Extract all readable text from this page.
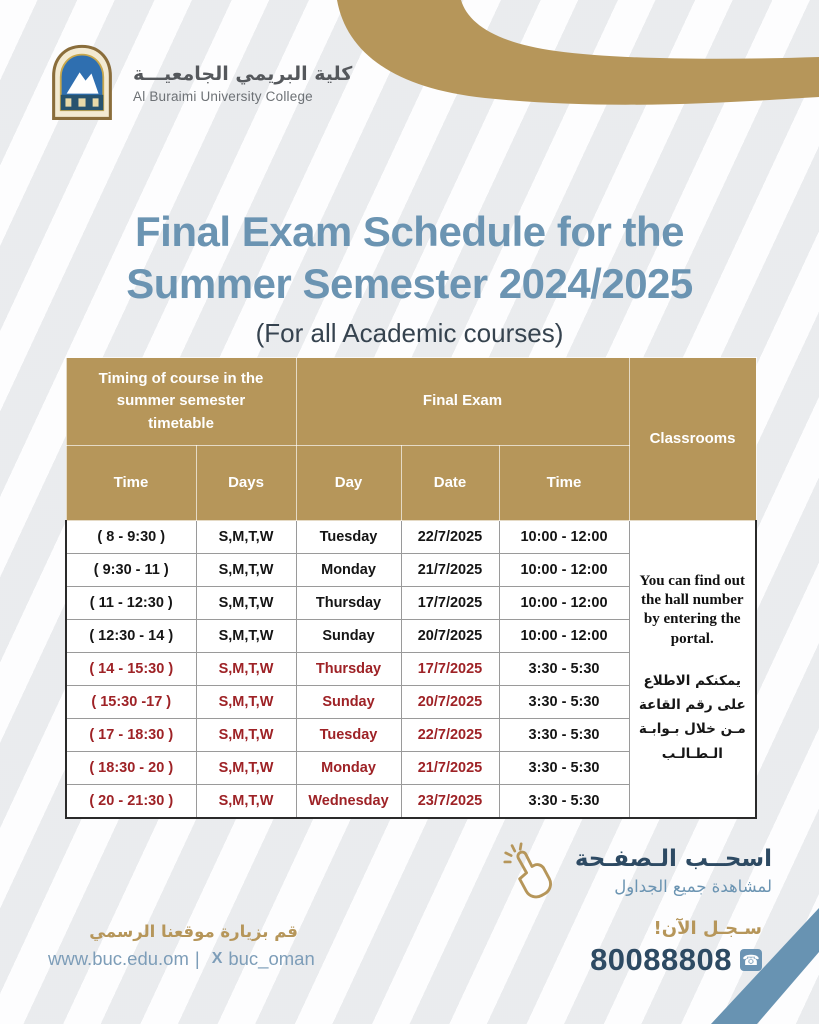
كلية البريمي الجامعيـــة
Al Buraimi University College
Final Exam Schedule for the
Summer Semester 2024/2025
(For all Academic courses)
Timing of course in the summer semester timetable		Final Exam			Classrooms
Time	Days	Day	Date	Time	
( 8 - 9:30 )	S,M,T,W	Tuesday	22/7/2025	10:00 - 12:00	You can find out the hall number by entering the portal.
يمكنكم الاطلاع على رقم القاعة مـن خلال بـوابـة الـطـالـب

( 9:30 - 11 )	S,M,T,W	Monday	21/7/2025	10:00 - 12:00	
( 11 - 12:30 )	S,M,T,W	Thursday	17/7/2025	10:00 - 12:00	
( 12:30 - 14 )	S,M,T,W	Sunday	20/7/2025	10:00 - 12:00	
( 14 - 15:30 )	S,M,T,W	Thursday	17/7/2025	3:30 - 5:30	
( 15:30 -17 )	S,M,T,W	Sunday	20/7/2025	3:30 - 5:30	
( 17 - 18:30 )	S,M,T,W	Tuesday	22/7/2025	3:30 - 5:30	
( 18:30 - 20 )	S,M,T,W	Monday	21/7/2025	3:30 - 5:30	
( 20 - 21:30 )	S,M,T,W	Wednesday	23/7/2025	3:30 - 5:30	
اسحــب الـصفـحة
لمشاهدة جميع الجداول
قم بزيارة موقعنا الرسمي
www.buc.edu.om | X buc_oman
سـجـل الآن!
80088808 ☎
